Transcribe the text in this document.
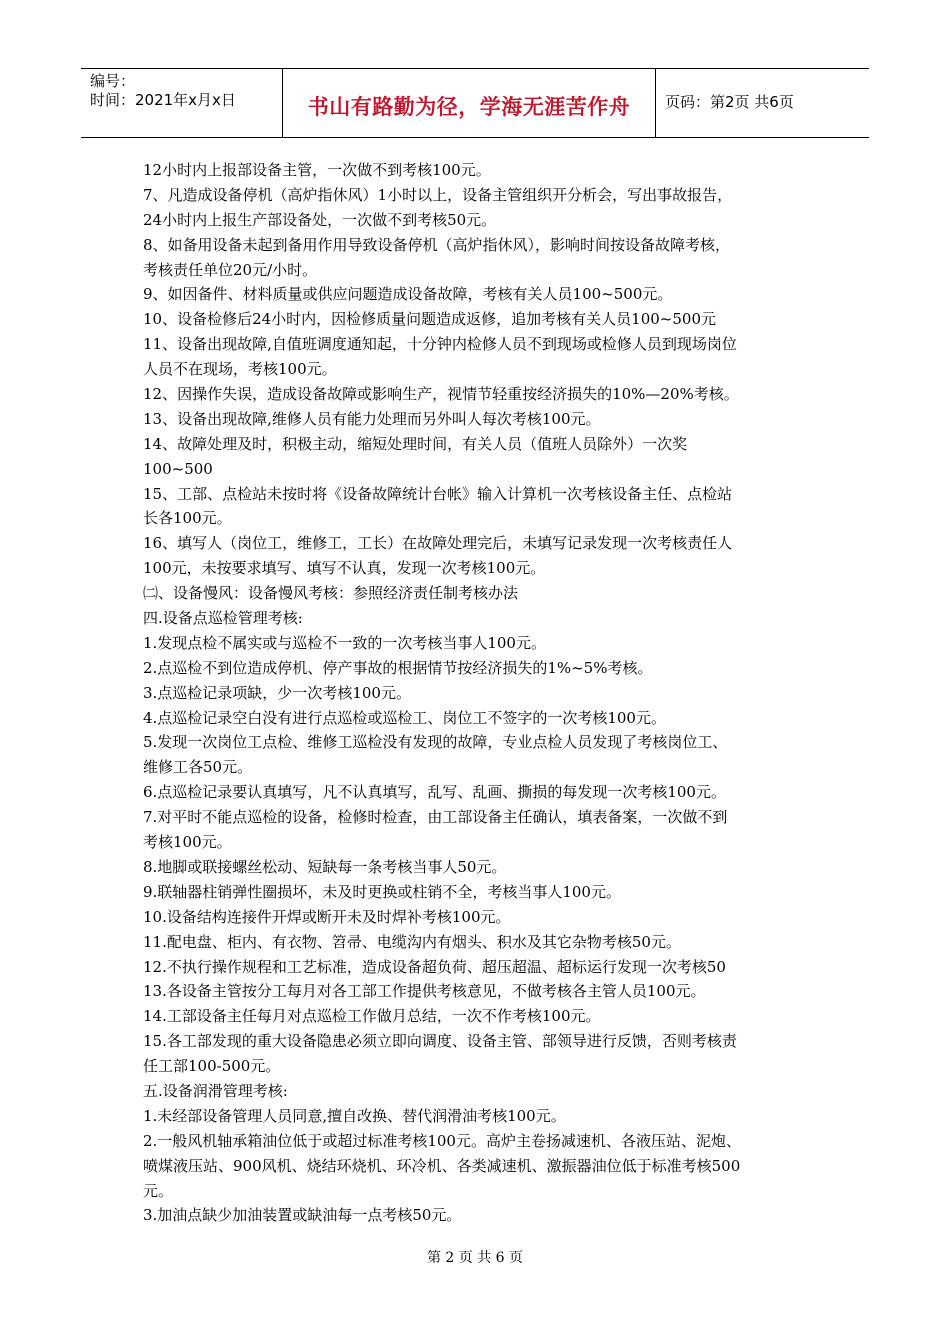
编号：
时间：2021年x月x日	书山有路勤为径，学海无涯苦作舟	页码：第2页 共6页
12小时内上报部设备主管，一次做不到考核100元。
7、凡造成设备停机（高炉指休风）1小时以上，设备主管组织开分析会，写出事故报告，
24小时内上报生产部设备处，一次做不到考核50元。
8、如备用设备未起到备用作用导致设备停机（高炉指休风），影响时间按设备故障考核，
考核责任单位20元/小时。
9、如因备件、材料质量或供应问题造成设备故障，考核有关人员100~500元。
10、设备检修后24小时内，因检修质量问题造成返修，追加考核有关人员100~500元
11、设备出现故障,自值班调度通知起，十分钟内检修人员不到现场或检修人员到现场岗位
人员不在现场，考核100元。
12、因操作失误，造成设备故障或影响生产，视情节轻重按经济损失的10%—20%考核。
13、设备出现故障,维修人员有能力处理而另外叫人每次考核100元。
14、故障处理及时，积极主动，缩短处理时间，有关人员（值班人员除外）一次奖
100~500
15、工部、点检站未按时将《设备故障统计台帐》输入计算机一次考核设备主任、点检站
长各100元。
16、填写人（岗位工，维修工，工长）在故障处理完后，未填写记录发现一次考核责任人
100元，未按要求填写、填写不认真，发现一次考核100元。
㈡、设备慢风：设备慢风考核：参照经济责任制考核办法
四.设备点巡检管理考核:
1.发现点检不属实或与巡检不一致的一次考核当事人100元。
2.点巡检不到位造成停机、停产事故的根据情节按经济损失的1%~5%考核。
3.点巡检记录项缺，少一次考核100元。
4.点巡检记录空白没有进行点巡检或巡检工、岗位工不签字的一次考核100元。
5.发现一次岗位工点检、维修工巡检没有发现的故障，专业点检人员发现了考核岗位工、
维修工各50元。
6.点巡检记录要认真填写，凡不认真填写，乱写、乱画、撕损的每发现一次考核100元。
7.对平时不能点巡检的设备，检修时检查，由工部设备主任确认，填表备案，一次做不到
考核100元。
8.地脚或联接螺丝松动、短缺每一条考核当事人50元。
9.联轴器柱销弹性圈损坏，未及时更换或柱销不全，考核当事人100元。
10.设备结构连接件开焊或断开未及时焊补考核100元。
11.配电盘、柜内、有衣物、笤帚、电缆沟内有烟头、积水及其它杂物考核50元。
12.不执行操作规程和工艺标准，造成设备超负荷、超压超温、超标运行发现一次考核50
13.各设备主管按分工每月对各工部工作提供考核意见，不做考核各主管人员100元。
14.工部设备主任每月对点巡检工作做月总结，一次不作考核100元。
15.各工部发现的重大设备隐患必须立即向调度、设备主管、部领导进行反馈，否则考核责
任工部100-500元。
五.设备润滑管理考核:
1.未经部设备管理人员同意,擅自改换、替代润滑油考核100元。
2.一般风机轴承箱油位低于或超过标准考核100元。高炉主卷扬减速机、各液压站、泥炮、
喷煤液压站、900风机、烧结环烧机、环冷机、各类减速机、激振器油位低于标准考核500
元。
3.加油点缺少加油装置或缺油每一点考核50元。
第 2 页 共 6 页
